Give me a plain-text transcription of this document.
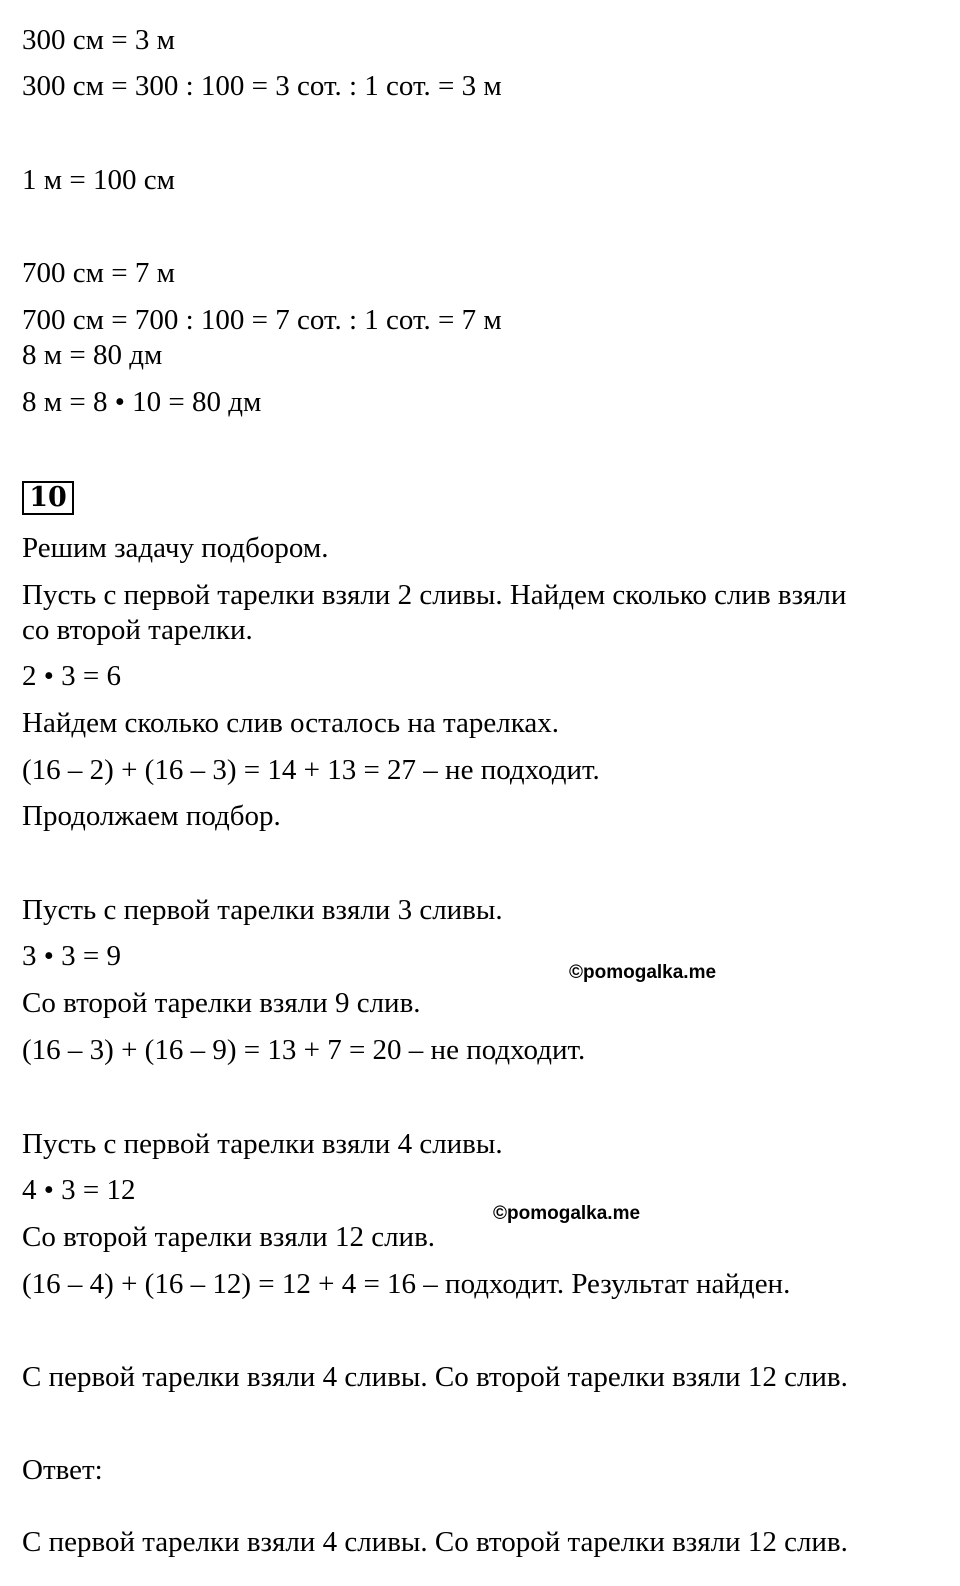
300 см = 3 м
300 см = 300 : 100 = 3 сот. : 1 сот. = 3 м
1 м = 100 см
700 см = 7 м
700 см = 700 : 100 = 7 сот. : 1 сот. = 7 м
8 м = 80 дм
8 м = 8 • 10 = 80 дм
10
Решим задачу подбором.
Пусть с первой тарелки взяли 2 сливы. Найдем сколько слив взяли
со второй тарелки.
2 • 3 = 6
Найдем сколько слив осталось на тарелках.
(16 – 2) + (16 – 3) = 14 + 13 = 27 – не подходит.
Продолжаем подбор.
Пусть с первой тарелки взяли 3 сливы.
3 • 3 = 9
Со второй тарелки взяли 9 слив.
(16 – 3) + (16 – 9) = 13 + 7 = 20 – не подходит.
Пусть с первой тарелки взяли 4 сливы.
4 • 3 = 12
Со второй тарелки взяли 12 слив.
(16 – 4) + (16 – 12) = 12 + 4 = 16 – подходит. Результат найден.
С первой тарелки взяли 4 сливы. Со второй тарелки взяли 12 слив.
Ответ:
С первой тарелки взяли 4 сливы. Со второй тарелки взяли 12 слив.
©pomogalka.me
©pomogalka.me
